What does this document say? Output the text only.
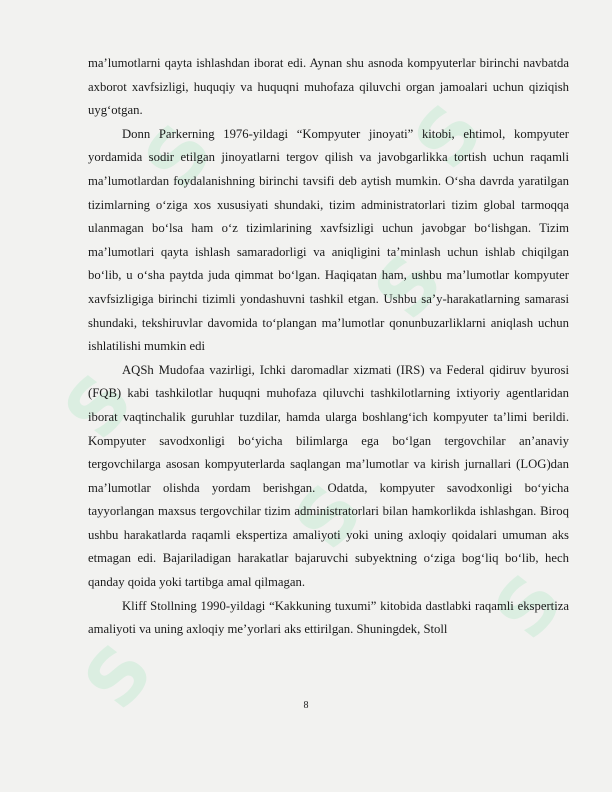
S
S
S
S
S
S
S

ma’lumotlarni qayta ishlashdan iborat edi. Aynan shu asnoda kompyuterlar birinchi navbatda axborot xavfsizligi, huquqiy va huquqni muhofaza qiluvchi organ jamoalari uchun qiziqish uyg‘otgan.

Donn Parkerning 1976-yildagi “Kompyuter jinoyati” kitobi, ehtimol, kompyuter yordamida sodir etilgan jinoyatlarni tergov qilish va javobgarlikka tortish uchun raqamli ma’lumotlardan foydalanishning birinchi tavsifi deb aytish mumkin. O‘sha davrda yaratilgan tizimlarning o‘ziga xos xususiyati shundaki, tizim administratorlari tizim global tarmoqqa ulanmagan bo‘lsa ham o‘z tizimlarining xavfsizligi uchun javobgar bo‘lishgan. Tizim ma’lumotlari qayta ishlash samaradorligi va aniqligini ta’minlash uchun ishlab chiqilgan bo‘lib, u o‘sha paytda juda qimmat bo‘lgan. Haqiqatan ham, ushbu ma’lumotlar kompyuter xavfsizligiga birinchi tizimli yondashuvni tashkil etgan. Ushbu sa’y-harakatlarning samarasi shundaki, tekshiruvlar davomida to‘plangan ma’lumotlar qonunbuzarliklarni aniqlash uchun ishlatilishi mumkin edi

AQSh Mudofaa vazirligi, Ichki daromadlar xizmati (IRS) va Federal qidiruv byurosi (FQB) kabi tashkilotlar huquqni muhofaza qiluvchi tashkilotlarning ixtiyoriy agentlaridan iborat vaqtinchalik guruhlar tuzdilar, hamda ularga boshlang‘ich kompyuter ta’limi berildi. Kompyuter savodxonligi bo‘yicha bilimlarga ega bo‘lgan tergovchilar an’anaviy tergovchilarga asosan kompyuterlarda saqlangan ma’lumotlar va kirish jurnallari (LOG)dan ma’lumotlar olishda yordam berishgan. Odatda, kompyuter savodxonligi bo‘yicha tayyorlangan maxsus tergovchilar tizim administratorlari bilan hamkorlikda ishlashgan. Biroq ushbu harakatlarda raqamli ekspertiza amaliyoti yoki uning axloqiy qoidalari umuman aks etmagan edi. Bajariladigan harakatlar bajaruvchi subyektning o‘ziga bog‘liq bo‘lib, hech qanday qoida yoki tartibga amal qilmagan.

Kliff Stollning 1990-yildagi “Kakkuning tuxumi” kitobida dastlabki raqamli ekspertiza amaliyoti va uning axloqiy me’yorlari aks ettirilgan. Shuningdek, Stoll

8
